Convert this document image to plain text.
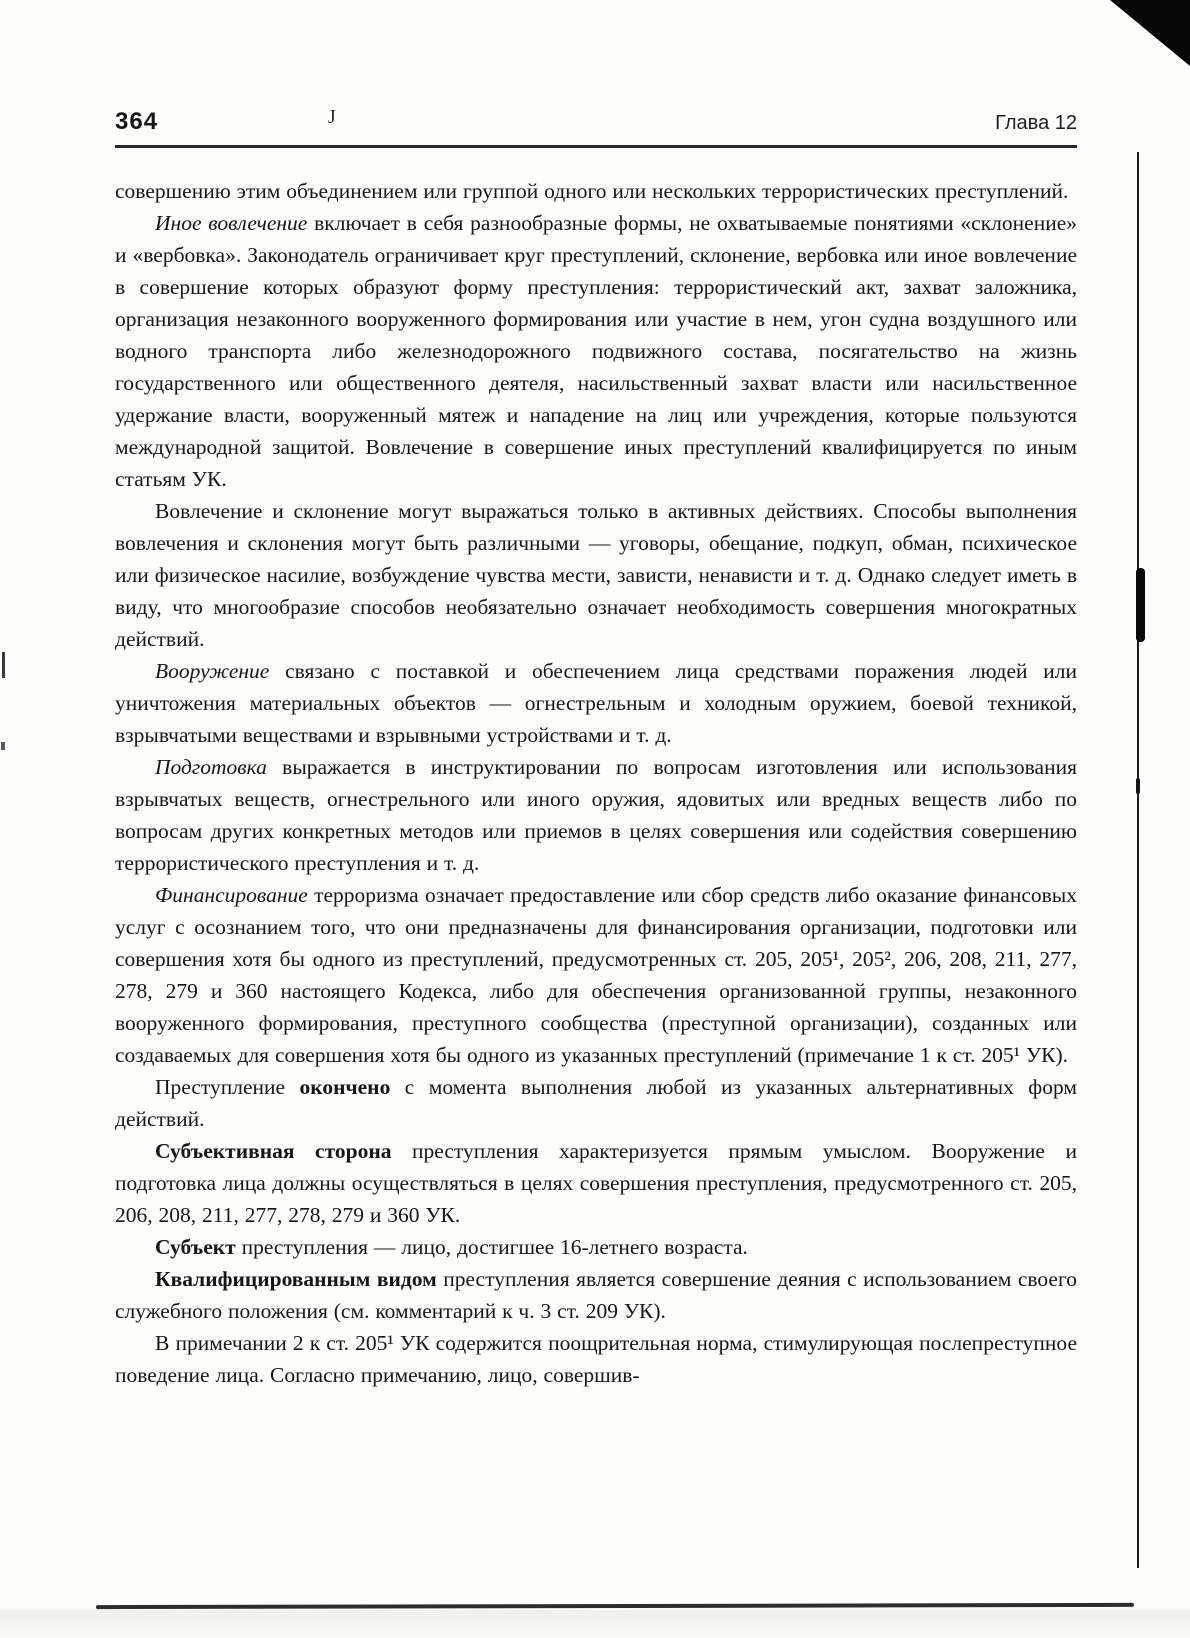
364	Глава 12

совершению этим объединением или группой одного или нескольких террористических преступлений.

Иное вовлечение включает в себя разнообразные формы, не охватываемые понятиями «склонение» и «вербовка». Законодатель ограничивает круг преступлений, склонение, вербовка или иное вовлечение в совершение которых образуют форму преступления: террористический акт, захват заложника, организация незаконного вооруженного формирования или участие в нем, угон судна воздушного или водного транспорта либо железнодорожного подвижного состава, посягательство на жизнь государственного или общественного деятеля, насильственный захват власти или насильственное удержание власти, вооруженный мятеж и нападение на лиц или учреждения, которые пользуются международной защитой. Вовлечение в совершение иных преступлений квалифицируется по иным статьям УК.

Вовлечение и склонение могут выражаться только в активных действиях. Способы выполнения вовлечения и склонения могут быть различными — уговоры, обещание, подкуп, обман, психическое или физическое насилие, возбуждение чувства мести, зависти, ненависти и т. д. Однако следует иметь в виду, что многообразие способов необязательно означает необходимость совершения многократных действий.

Вооружение связано с поставкой и обеспечением лица средствами поражения людей или уничтожения материальных объектов — огнестрельным и холодным оружием, боевой техникой, взрывчатыми веществами и взрывными устройствами и т. д.

Подготовка выражается в инструктировании по вопросам изготовления или использования взрывчатых веществ, огнестрельного или иного оружия, ядовитых или вредных веществ либо по вопросам других конкретных методов или приемов в целях совершения или содействия совершению террористического преступления и т. д.

Финансирование терроризма означает предоставление или сбор средств либо оказание финансовых услуг с осознанием того, что они предназначены для финансирования организации, подготовки или совершения хотя бы одного из преступлений, предусмотренных ст. 205, 205¹, 205², 206, 208, 211, 277, 278, 279 и 360 настоящего Кодекса, либо для обеспечения организованной группы, незаконного вооруженного формирования, преступного сообщества (преступной организации), созданных или создаваемых для совершения хотя бы одного из указанных преступлений (примечание 1 к ст. 205¹ УК).

Преступление окончено с момента выполнения любой из указанных альтернативных форм действий.

Субъективная сторона преступления характеризуется прямым умыслом. Вооружение и подготовка лица должны осуществляться в целях совершения преступления, предусмотренного ст. 205, 206, 208, 211, 277, 278, 279 и 360 УК.

Субъект преступления — лицо, достигшее 16-летнего возраста.

Квалифицированным видом преступления является совершение деяния с использованием своего служебного положения (см. комментарий к ч. 3 ст. 209 УК).

В примечании 2 к ст. 205¹ УК содержится поощрительная норма, стимулирующая послепреступное поведение лица. Согласно примечанию, лицо, совершив-

J
